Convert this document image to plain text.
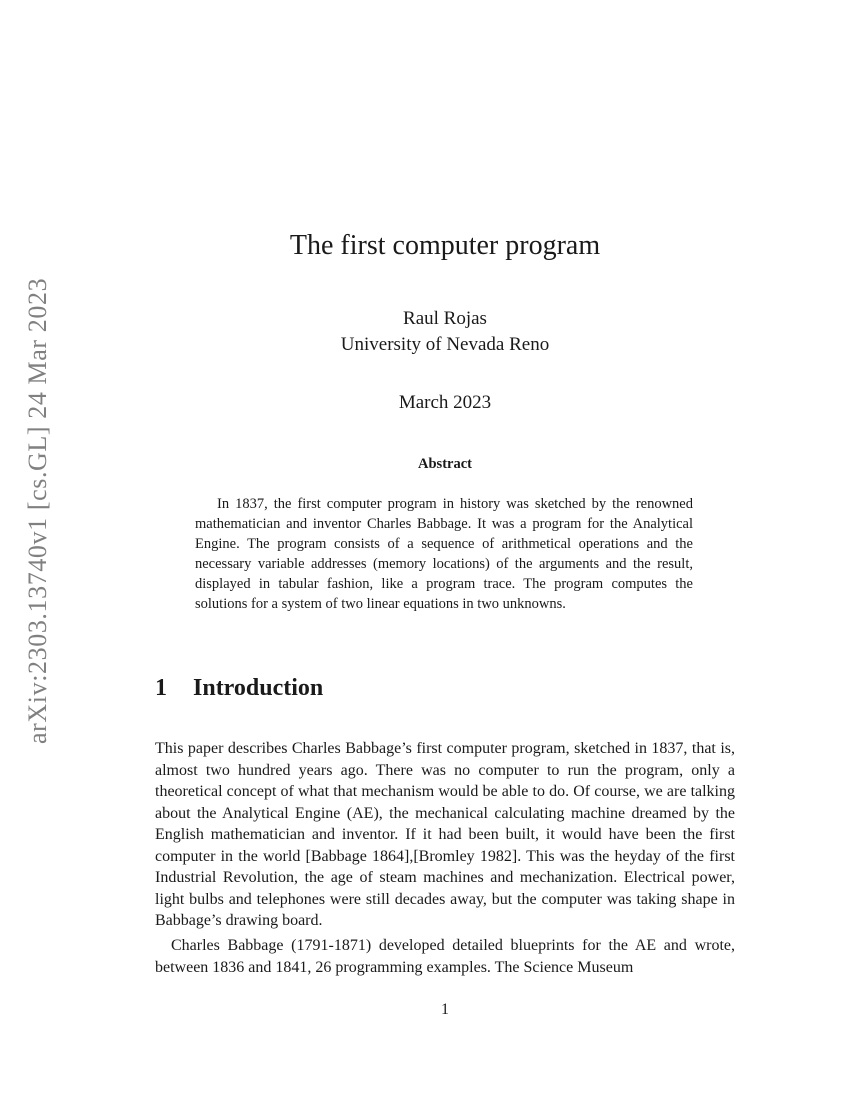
arXiv:2303.13740v1 [cs.GL] 24 Mar 2023
The first computer program
Raul Rojas
University of Nevada Reno
March 2023
Abstract
In 1837, the first computer program in history was sketched by the renowned mathematician and inventor Charles Babbage. It was a program for the Analytical Engine. The program consists of a sequence of arithmetical operations and the necessary variable addresses (memory locations) of the arguments and the result, displayed in tabular fashion, like a program trace. The program computes the solutions for a system of two linear equations in two unknowns.
1 Introduction

This paper describes Charles Babbage’s first computer program, sketched in 1837, that is, almost two hundred years ago. There was no computer to run the program, only a theoretical concept of what that mechanism would be able to do. Of course, we are talking about the Analytical Engine (AE), the mechanical calculating machine dreamed by the English mathematician and inventor. If it had been built, it would have been the first computer in the world [Babbage 1864],[Bromley 1982]. This was the heyday of the first Industrial Revolution, the age of steam machines and mechanization. Electrical power, light bulbs and telephones were still decades away, but the computer was taking shape in Babbage’s drawing board.

Charles Babbage (1791-1871) developed detailed blueprints for the AE and wrote, between 1836 and 1841, 26 programming examples. The Science Museum

1
